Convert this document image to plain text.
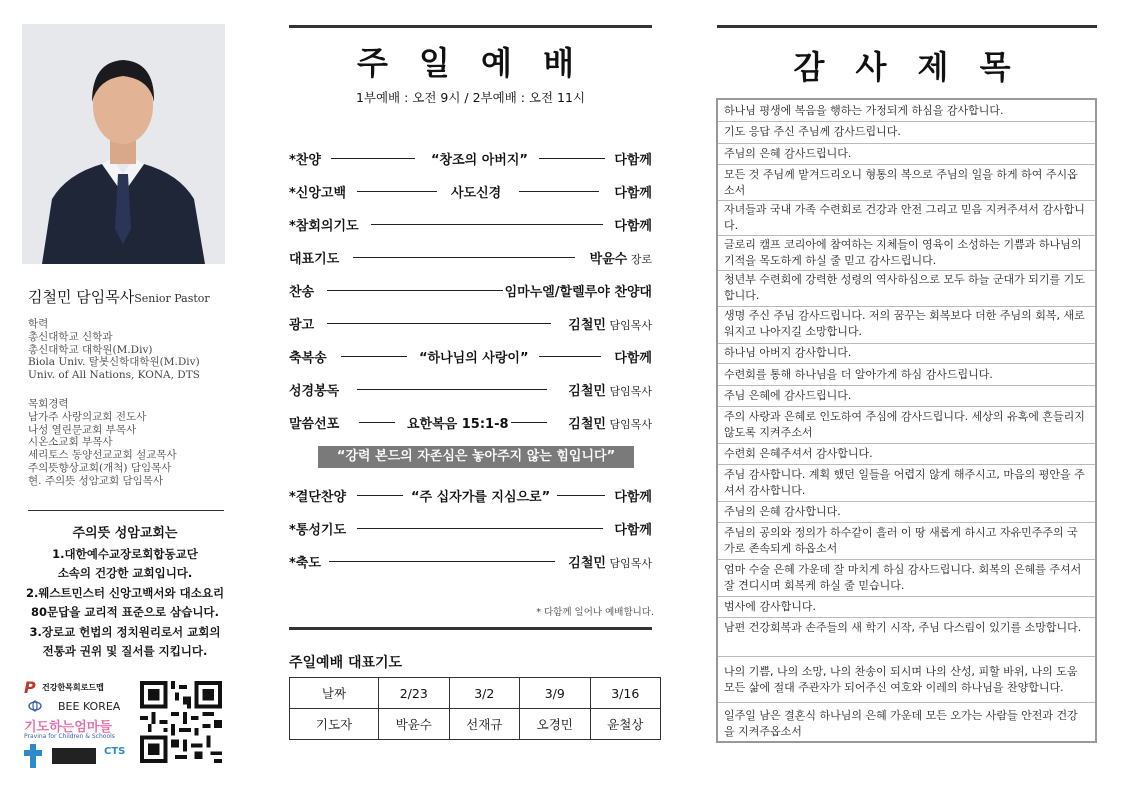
김철민 담임목사Senior Pastor
학력
총신대학교 신학과
총신대학교 대학원(M.Div)
Biola Univ. 탈봇신학대학원(M.Div)
Univ. of All Nations, KONA, DTS
목회경력
남가주 사랑의교회 전도사
나성 열린문교회 부목사
시온소교회 부목사
세리토스 동양선교교회 설교목사
주의뜻향상교회(개척) 담임목사
현. 주의뜻 성암교회 담임목사
주의뜻 성암교회는
1.대한예수교장로회합동교단
소속의 건강한 교회입니다.
2.웨스트민스터 신앙고백서와 대소요리
80문답을 교리적 표준으로 삼습니다.
3.장로교 헌법의 정치원리로서 교회의
전통과 권위 및 질서를 지킵니다.
P 건강한목회로드맵
BEE KOREA
기도하는엄마들
Pravina for Children & Schools
CTS
주 일 예 배
1부예배 : 오전 9시 / 2부예배 : 오전 11시
*찬양	“창조의 아버지”	다함께
*신앙고백	사도신경	다함께
*참회의기도	다함께
대표기도	박윤수 장로
찬송	임마누엘/할렐루야 찬양대
광고	김철민 담임목사
축복송	“하나님의 사랑이”	다함께
성경봉독	김철민 담임목사
말씀선포	요한복음 15:1-8	김철민 담임목사
“강력 본드의 자존심은 놓아주지 않는 힘입니다”
*결단찬양	“주 십자가를 지심으로”	다함께
*통성기도	다함께
*축도	김철민 담임목사
* 다함께 일어나 예배합니다.
주일예배 대표기도
날짜	2/23	3/2	3/9	3/16
기도자	박윤수	선재규	오경민	윤철상
감 사 제 목
하나님 평생에 복음을 행하는 가정되게 하심을 감사합니다.
기도 응답 주신 주님께 감사드립니다.
주님의 은혜 감사드립니다.
모든 것 주님께 맡겨드리오니 형통의 복으로 주님의 일을 하게 하여 주시옵소서
자녀들과 국내 가족 수련회로 건강과 안전 그리고 믿음 지켜주셔서 감사합니다.
글로리 캠프 코리아에 참여하는 지체들이 영육이 소성하는 기쁨과 하나님의 기적을 목도하게 하실 줄 믿고 감사드립니다.
청년부 수련회에 강력한 성령의 역사하심으로 모두 하늘 군대가 되기를 기도합니다.
생명 주신 주님 감사드립니다. 저의 꿈꾸는 회복보다 더한 주님의 회복, 새로워지고 나아지길 소망합니다.
하나님 아버지 감사합니다.
수련회를 통해 하나님을 더 알아가게 하심 감사드립니다.
주님 은혜에 감사드립니다.
주의 사랑과 은혜로 인도하여 주심에 감사드립니다. 세상의 유혹에 흔들리지 않도록 지켜주소서
수련회 은혜주셔서 감사합니다.
주님 감사합니다. 계획 했던 일들을 어렵지 않게 해주시고, 마음의 평안을 주셔서 감사합니다.
주님의 은혜 감사합니다.
주님의 공의와 정의가 하수같이 흘러 이 땅 새롭게 하시고 자유민주주의 국가로 존속되게 하옵소서
엄마 수술 은혜 가운데 잘 마치게 하심 감사드립니다. 회복의 은혜를 주셔서 잘 견디시며 회복케 하실 줄 믿습니다.
범사에 감사합니다.
남편 건강회복과 손주들의 새 학기 시작, 주님 다스림이 있기를 소망합니다.
나의 기쁨, 나의 소망, 나의 찬송이 되시며 나의 산성, 피할 바위, 나의 도움 모든 삶에 절대 주관자가 되어주신 여호와 이레의 하나님을 찬양합니다.
일주일 남은 결혼식 하나님의 은혜 가운데 모든 오가는 사람들 안전과 건강을 지켜주옵소서
